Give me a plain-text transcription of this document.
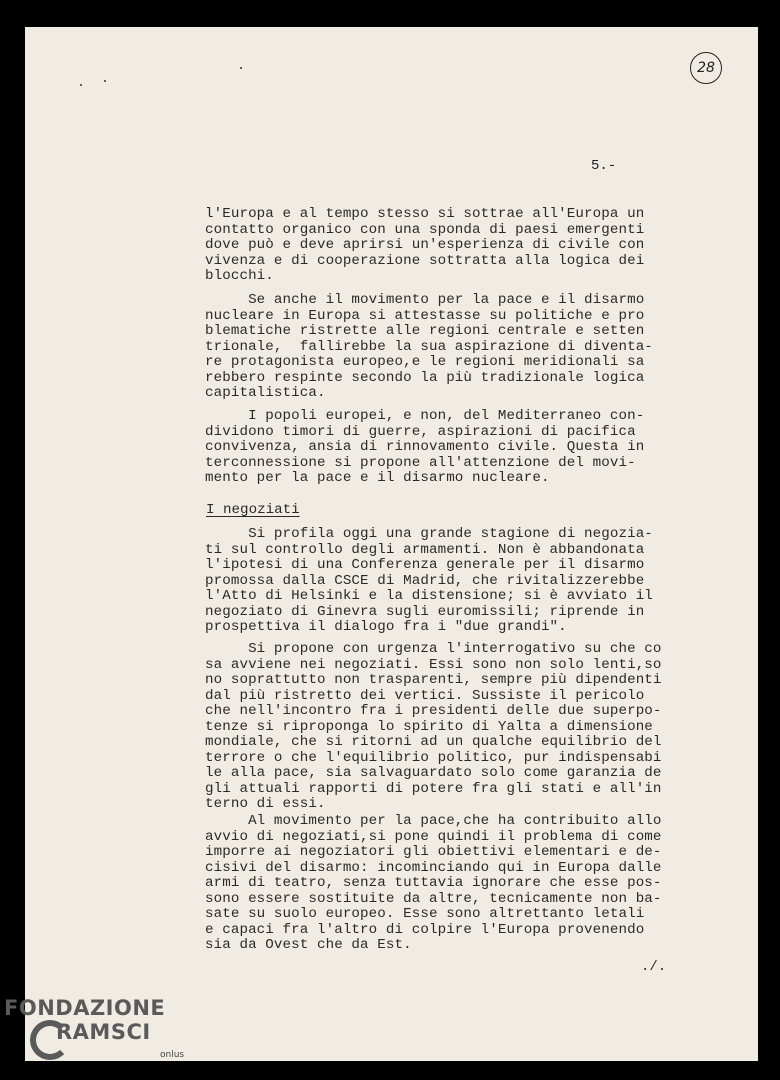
28
5.-
l'Europa e al tempo stesso si sottrae all'Europa un
contatto organico con una sponda di paesi emergenti
dove può e deve aprirsi un'esperienza di civile con
vivenza e di cooperazione sottratta alla logica dei
blocchi.
Se anche il movimento per la pace e il disarmo
nucleare in Europa si attestasse su politiche e pro
blematiche ristrette alle regioni centrale e setten
trionale,  fallirebbe la sua aspirazione di diventa-
re protagonista europeo,e le regioni meridionali sa
rebbero respinte secondo la più tradizionale logica
capitalistica.
I popoli europei, e non, del Mediterraneo con-
dividono timori di guerre, aspirazioni di pacifica
convivenza, ansia di rinnovamento civile. Questa in
terconnessione si propone all'attenzione del movi-
mento per la pace e il disarmo nucleare.
I negoziati
Si profila oggi una grande stagione di negozia-
ti sul controllo degli armamenti. Non è abbandonata
l'ipotesi di una Conferenza generale per il disarmo
promossa dalla CSCE di Madrid, che rivitalizzerebbe
l'Atto di Helsinki e la distensione; si è avviato il
negoziato di Ginevra sugli euromissili; riprende in
prospettiva il dialogo fra i "due grandi".
Si propone con urgenza l'interrogativo su che co
sa avviene nei negoziati. Essi sono non solo lenti,so
no soprattutto non trasparenti, sempre più dipendenti
dal più ristretto dei vertici. Sussiste il pericolo
che nell'incontro fra i presidenti delle due superpo-
tenze si riproponga lo spirito di Yalta a dimensione
mondiale, che si ritorni ad un qualche equilibrio del
terrore o che l'equilibrio politico, pur indispensabi
le alla pace, sia salvaguardato solo come garanzia de
gli attuali rapporti di potere fra gli stati e all'in
terno di essi.
Al movimento per la pace,che ha contribuito allo
avvio di negoziati,si pone quindi il problema di come
imporre ai negoziatori gli obiettivi elementari e de-
cisivi del disarmo: incominciando qui in Europa dalle
armi di teatro, senza tuttavia ignorare che esse pos-
sono essere sostituite da altre, tecnicamente non ba-
sate su suolo europeo. Esse sono altrettanto letali
e capaci fra l'altro di colpire l'Europa provenendo
sia da Ovest che da Est.
./.
FONDAZIONE
RAMSCI
onlus
